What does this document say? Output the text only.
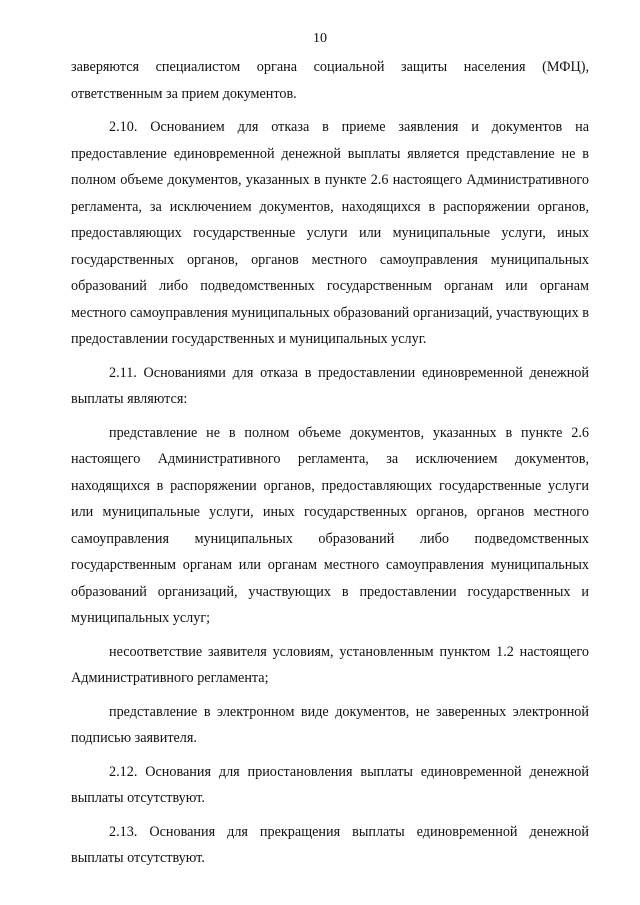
10

заверяются специалистом органа социальной защиты населения (МФЦ), ответственным за прием документов.

2.10. Основанием для отказа в приеме заявления и документов на предоставление единовременной денежной выплаты является представление не в полном объеме документов, указанных в пункте 2.6 настоящего Административного регламента, за исключением документов, находящихся в распоряжении органов, предоставляющих государственные услуги или муниципальные услуги, иных государственных органов, органов местного самоуправления муниципальных образований либо подведомственных государственным органам или органам местного самоуправления муниципальных образований организаций, участвующих в предоставлении государственных и муниципальных услуг.

2.11. Основаниями для отказа в предоставлении единовременной денежной выплаты являются:

представление не в полном объеме документов, указанных в пункте 2.6 настоящего Административного регламента, за исключением документов, находящихся в распоряжении органов, предоставляющих государственные услуги или муниципальные услуги, иных государственных органов, органов местного самоуправления муниципальных образований либо подведомственных государственным органам или органам местного самоуправления муниципальных образований организаций, участвующих в предоставлении государственных и муниципальных услуг;

несоответствие заявителя условиям, установленным пунктом 1.2 настоящего Административного регламента;

представление в электронном виде документов, не заверенных электронной подписью заявителя.

2.12. Основания для приостановления выплаты единовременной денежной выплаты отсутствуют.

2.13. Основания для прекращения выплаты единовременной денежной выплаты отсутствуют.
